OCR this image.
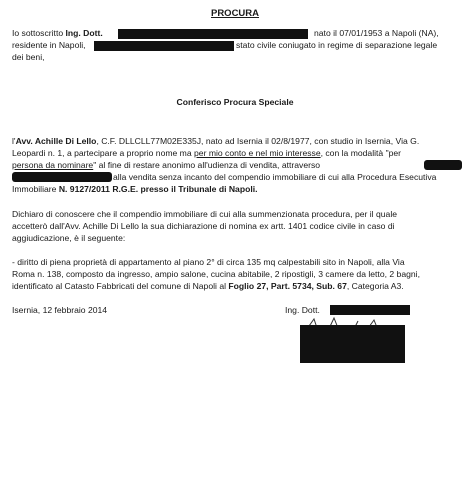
PROCURA
Io sottoscritto Ing. Dott.	nato il 07/01/1953 a Napoli (NA),
residente in Napoli,	stato civile coniugato in regime di separazione legale
dei beni,
Conferisco Procura Speciale
l'Avv. Achille Di Lello, C.F. DLLCLL77M02E335J, nato ad Isernia il 02/8/1977, con studio in Isernia, Via G.
Leopardi n. 1, a partecipare a proprio nome ma per mio conto e nel mio interesse, con la modalità "per
persona da nominare" al fine di restare anonimo all'udienza di vendita, attraverso
alla vendita senza incanto del compendio immobiliare di cui alla Procedura Esecutiva
Immobiliare N. 9127/2011 R.G.E. presso il Tribunale di Napoli.
Dichiaro di conoscere che il compendio immobiliare di cui alla summenzionata procedura, per il quale
accetterò dall'Avv. Achille Di Lello la sua dichiarazione di nomina ex artt. 1401 codice civile in caso di
aggiudicazione, è il seguente:
- diritto di piena proprietà di appartamento al piano 2° di circa 135 mq calpestabili sito in Napoli, alla Via
Roma n. 138, composto da ingresso, ampio salone, cucina abitabile, 2 ripostigli, 3 camere da letto, 2 bagni,
identificato al Catasto Fabbricati del comune di Napoli al Foglio 27, Part. 5734, Sub. 67, Categoria A3.
Isernia, 12 febbraio 2014	Ing. Dott.
